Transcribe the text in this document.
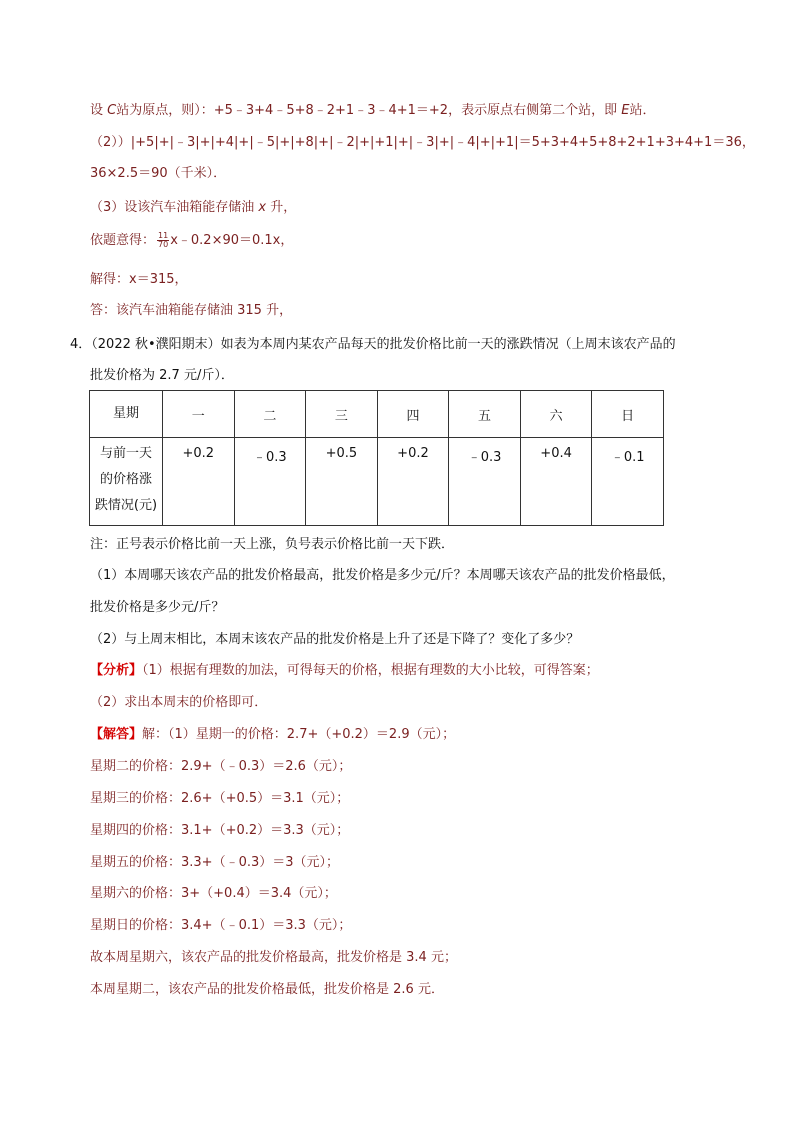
设 C站为原点，则）：+5﹣3+4﹣5+8﹣2+1﹣3﹣4+1＝+2，表示原点右侧第二个站，即 E站．
（2））|+5|+|﹣3|+|+4|+|﹣5|+|+8|+|﹣2|+|+1|+|﹣3|+|﹣4|+|+1|＝5+3+4+5+8+2+1+3+4+1＝36，
36×2.5＝90（千米）．
（3）设该汽车油箱能存储油 x 升，
依题意得： $\frac{11}{70}$ x﹣0.2×90＝0.1x，
解得：x＝315，
答：该汽车油箱能存储油 315 升，
4．（2022 秋•濮阳期末）如表为本周内某农产品每天的批发价格比前一天的涨跌情况（上周末该农产品的
批发价格为 2.7 元/斤）．
星期	一	二	三	四	五	六	日

与前一天
的价格涨
跌情况(元)	+0.2	﹣0.3	+0.5	+0.2	﹣0.3	+0.4	﹣0.1
注：正号表示价格比前一天上涨，负号表示价格比前一天下跌．
（1）本周哪天该农产品的批发价格最高，批发价格是多少元/斤？本周哪天该农产品的批发价格最低，
批发价格是多少元/斤？
（2）与上周末相比，本周末该农产品的批发价格是上升了还是下降了？变化了多少？
【分析】（1）根据有理数的加法，可得每天的价格，根据有理数的大小比较，可得答案；
（2）求出本周末的价格即可．
【解答】解：（1）星期一的价格：2.7+（+0.2）＝2.9（元）；
星期二的价格：2.9+（﹣0.3）＝2.6（元）；
星期三的价格：2.6+（+0.5）＝3.1（元）；
星期四的价格：3.1+（+0.2）＝3.3（元）；
星期五的价格：3.3+（﹣0.3）＝3（元）；
星期六的价格：3+（+0.4）＝3.4（元）；
星期日的价格：3.4+（﹣0.1）＝3.3（元）；
故本周星期六，该农产品的批发价格最高，批发价格是 3.4 元；
本周星期二，该农产品的批发价格最低，批发价格是 2.6 元．
